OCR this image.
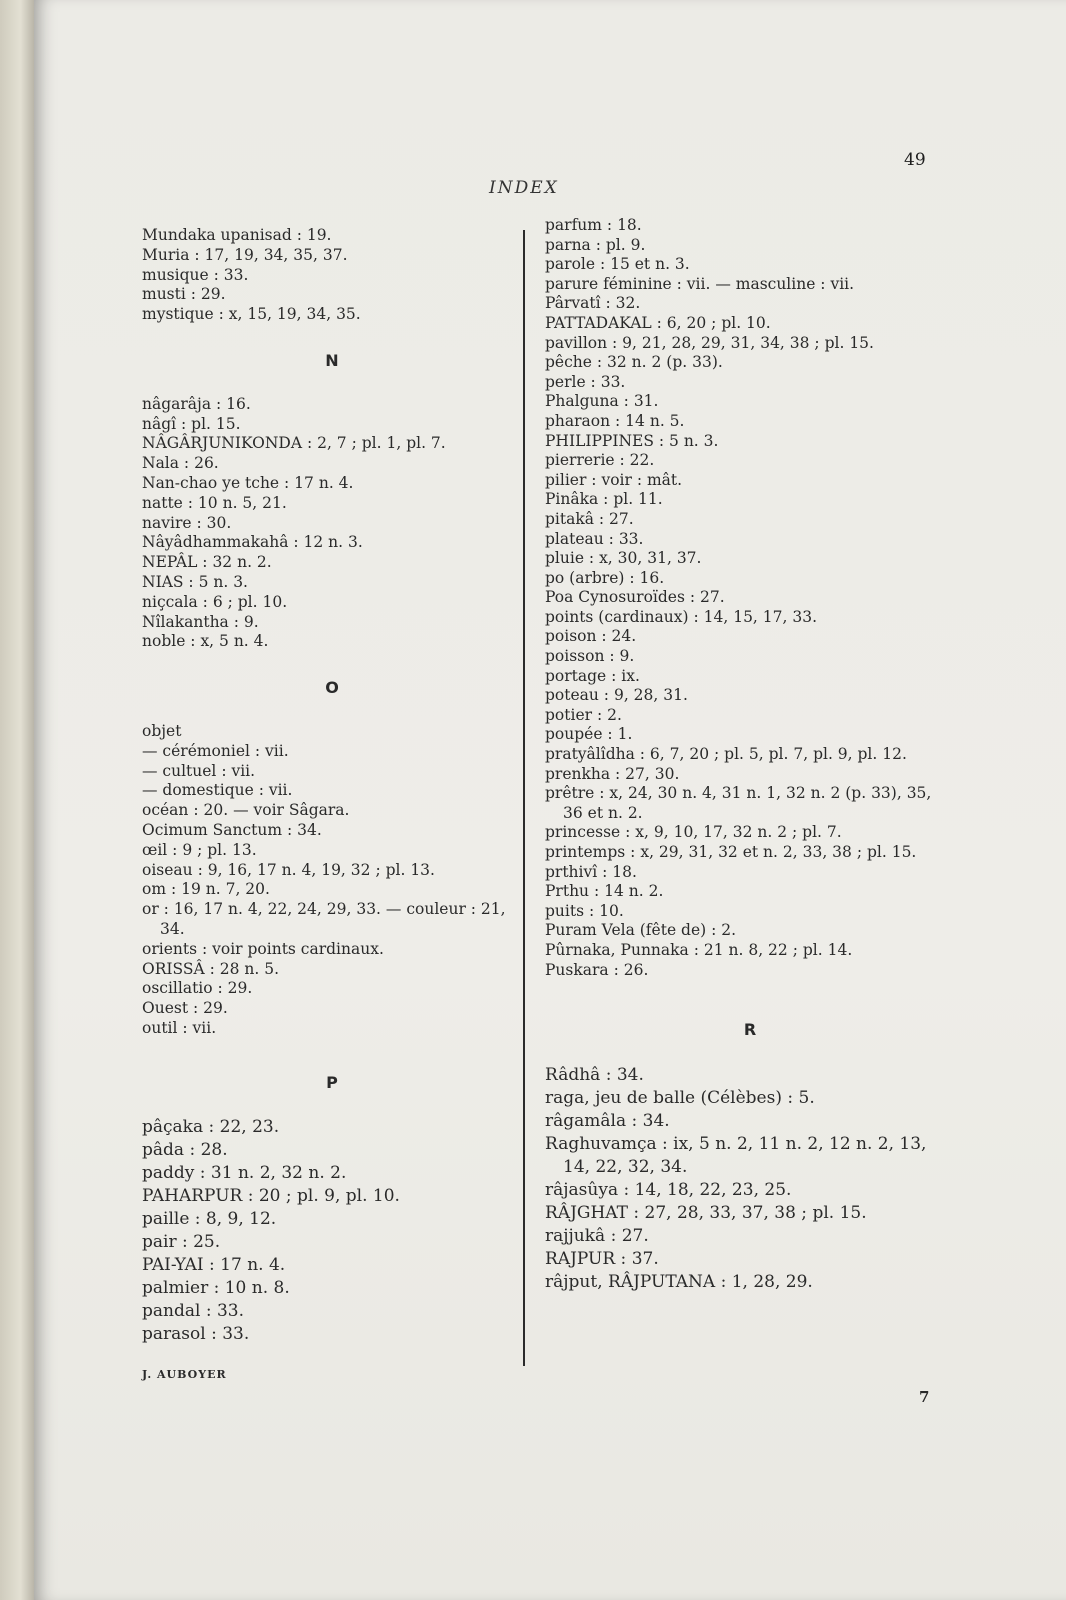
49
INDEX

Mundaka upanisad : 19.

Muria : 17, 19, 34, 35, 37.

musique : 33.

musti : 29.

mystique : x, 15, 19, 34, 35.

N

nâgarâja : 16.

nâgî : pl. 15.

NÂGÂRJUNIKONDA : 2, 7 ; pl. 1, pl. 7.

Nala : 26.

Nan-chao ye tche : 17 n. 4.

natte : 10 n. 5, 21.

navire : 30.

Nâyâdhammakahâ : 12 n. 3.

NEPÂL : 32 n. 2.

NIAS : 5 n. 3.

niçcala : 6 ; pl. 10.

Nîlakantha : 9.

noble : x, 5 n. 4.

O

objet

— cérémoniel : vii.

— cultuel : vii.

— domestique : vii.

océan : 20. — voir Sâgara.

Ocimum Sanctum : 34.

œil : 9 ; pl. 13.

oiseau : 9, 16, 17 n. 4, 19, 32 ; pl. 13.

om : 19 n. 7, 20.

or : 16, 17 n. 4, 22, 24, 29, 33. — couleur : 21, 34.

orients : voir points cardinaux.

ORISSÂ : 28 n. 5.

oscillatio : 29.

Ouest : 29.

outil : vii.

P

pâçaka : 22, 23.

pâda : 28.

paddy : 31 n. 2, 32 n. 2.

PAHARPUR : 20 ; pl. 9, pl. 10.

paille : 8, 9, 12.

pair : 25.

PAI-YAI : 17 n. 4.

palmier : 10 n. 8.

pandal : 33.

parasol : 33.

parfum : 18.

parna : pl. 9.

parole : 15 et n. 3.

parure féminine : vii. — masculine : vii.

Pârvatî : 32.

PATTADAKAL : 6, 20 ; pl. 10.

pavillon : 9, 21, 28, 29, 31, 34, 38 ; pl. 15.

pêche : 32 n. 2 (p. 33).

perle : 33.

Phalguna : 31.

pharaon : 14 n. 5.

PHILIPPINES : 5 n. 3.

pierrerie : 22.

pilier : voir : mât.

Pinâka : pl. 11.

pitakâ : 27.

plateau : 33.

pluie : x, 30, 31, 37.

po (arbre) : 16.

Poa Cynosuroïdes : 27.

points (cardinaux) : 14, 15, 17, 33.

poison : 24.

poisson : 9.

portage : ix.

poteau : 9, 28, 31.

potier : 2.

poupée : 1.

pratyâlîdha : 6, 7, 20 ; pl. 5, pl. 7, pl. 9, pl. 12.

prenkha : 27, 30.

prêtre : x, 24, 30 n. 4, 31 n. 1, 32 n. 2 (p. 33), 35, 36 et n. 2.

princesse : x, 9, 10, 17, 32 n. 2 ; pl. 7.

printemps : x, 29, 31, 32 et n. 2, 33, 38 ; pl. 15.

prthivî : 18.

Prthu : 14 n. 2.

puits : 10.

Puram Vela (fête de) : 2.

Pûrnaka, Punnaka : 21 n. 8, 22 ; pl. 14.

Puskara : 26.

R

Râdhâ : 34.

raga, jeu de balle (Célèbes) : 5.

râgamâla : 34.

Raghuvamça : ix, 5 n. 2, 11 n. 2, 12 n. 2, 13, 14, 22, 32, 34.

râjasûya : 14, 18, 22, 23, 25.

RÂJGHAT : 27, 28, 33, 37, 38 ; pl. 15.

rajjukâ : 27.

RAJPUR : 37.

râjput, RÂJPUTANA : 1, 28, 29.

J. AUBOYER
7
